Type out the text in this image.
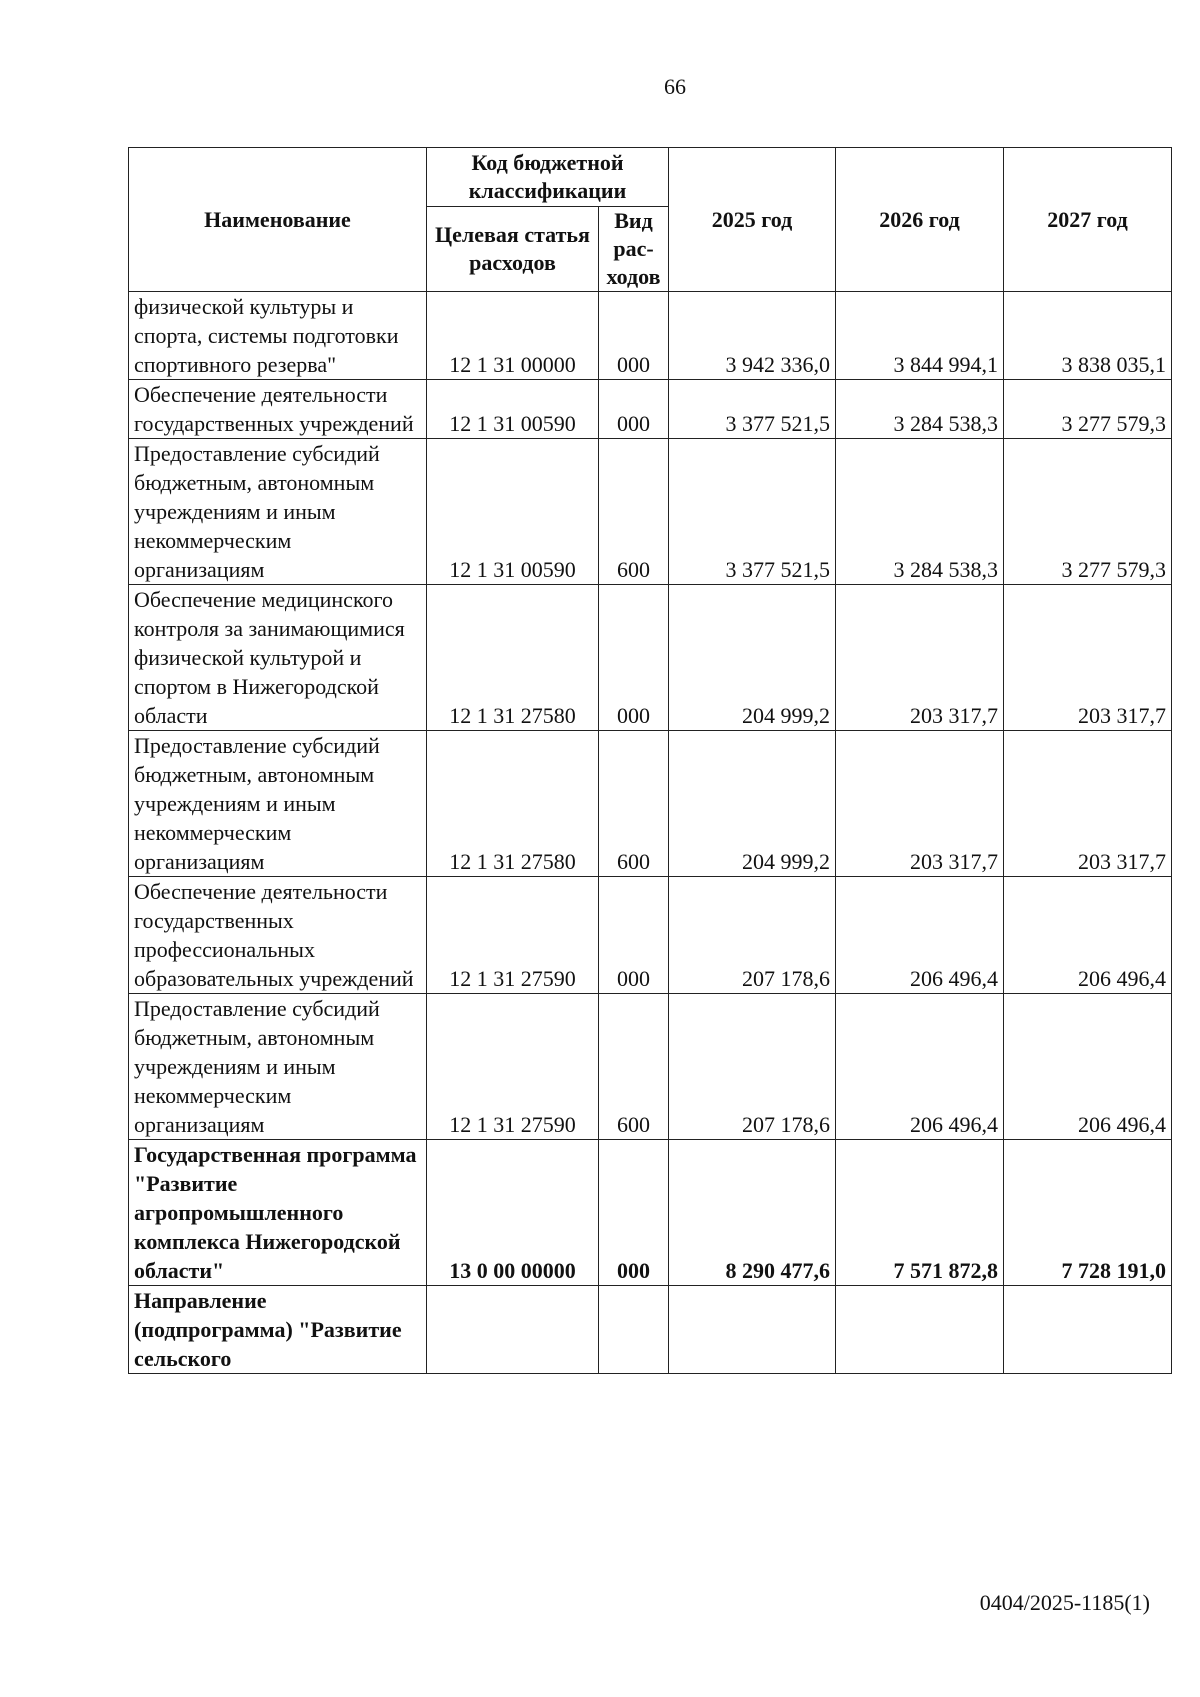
66
Наименование	Код бюджетной классификации		2025 год	2026 год	2027 год
	Целевая статья расходов	Вид рас-ходов			
физической культуры и спорта, системы подготовки спортивного резерва"	12 1 31 00000	000	3 942 336,0	3 844 994,1	3 838 035,1
Обеспечение деятельности государственных учреждений	12 1 31 00590	000	3 377 521,5	3 284 538,3	3 277 579,3
Предоставление субсидий бюджетным, автономным учреждениям и иным некоммерческим организациям	12 1 31 00590	600	3 377 521,5	3 284 538,3	3 277 579,3
Обеспечение медицинского контроля за занимающимися физической культурой и спортом в Нижегородской области	12 1 31 27580	000	204 999,2	203 317,7	203 317,7
Предоставление субсидий бюджетным, автономным учреждениям и иным некоммерческим организациям	12 1 31 27580	600	204 999,2	203 317,7	203 317,7
Обеспечение деятельности государственных профессиональных образовательных учреждений	12 1 31 27590	000	207 178,6	206 496,4	206 496,4
Предоставление субсидий бюджетным, автономным учреждениям и иным некоммерческим организациям	12 1 31 27590	600	207 178,6	206 496,4	206 496,4
Государственная программа "Развитие агропромышленного комплекса Нижегородской области"	13 0 00 00000	000	8 290 477,6	7 571 872,8	7 728 191,0
Направление (подпрограмма) "Развитие сельского					
0404/2025-1185(1)
